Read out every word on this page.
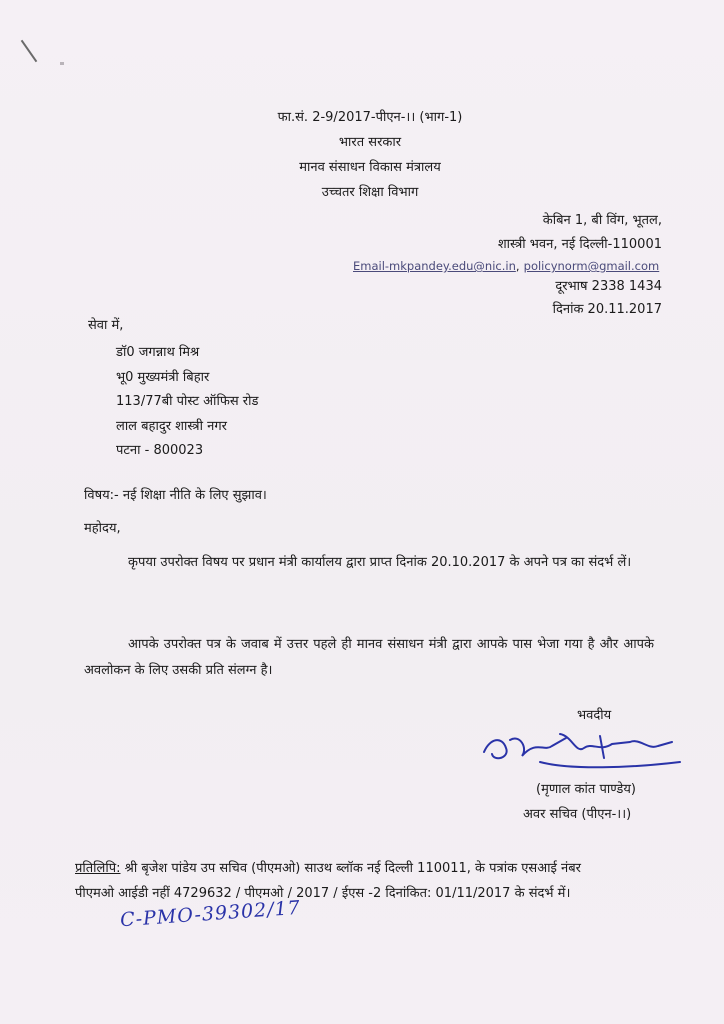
फा.सं. 2-9/2017-पीएन-।। (भाग-1)
भारत सरकार
मानव संसाधन विकास मंत्रालय
उच्चतर शिक्षा विभाग
केबिन 1, बी विंग, भूतल,
शास्त्री भवन, नई दिल्ली-110001
Email-mkpandey.edu@nic.in, policynorm@gmail.com
दूरभाष 2338 1434
दिनांक 20.11.2017
सेवा में,
डॉ0 जगन्नाथ मिश्र
भू0 मुख्यमंत्री बिहार
113/77बी पोस्ट ऑफिस रोड
लाल बहादुर शास्त्री नगर
पटना - 800023
विषय:- नई शिक्षा नीति के लिए सुझाव।
महोदय,
कृपया उपरोक्त विषय पर प्रधान मंत्री कार्यालय द्वारा प्राप्त दिनांक 20.10.2017 के अपने पत्र का संदर्भ लें।
आपके उपरोक्त पत्र के जवाब में उत्तर पहले ही मानव संसाधन मंत्री द्वारा आपके पास भेजा गया है और आपके अवलोकन के लिए उसकी प्रति संलग्न है।
भवदीय
(मृणाल कांत पाण्डेय)
अवर सचिव (पीएन-।।)
प्रतिलिपि: श्री बृजेश पांडेय उप सचिव (पीएमओ) साउथ ब्लॉक नई दिल्ली 110011, के पत्रांक एसआई नंबर
पीएमओ आईडी नहीं 4729632 / पीएमओ / 2017 / ईएस -2 दिनांकित: 01/11/2017 के संदर्भ में।
C-PMO-39302/17
